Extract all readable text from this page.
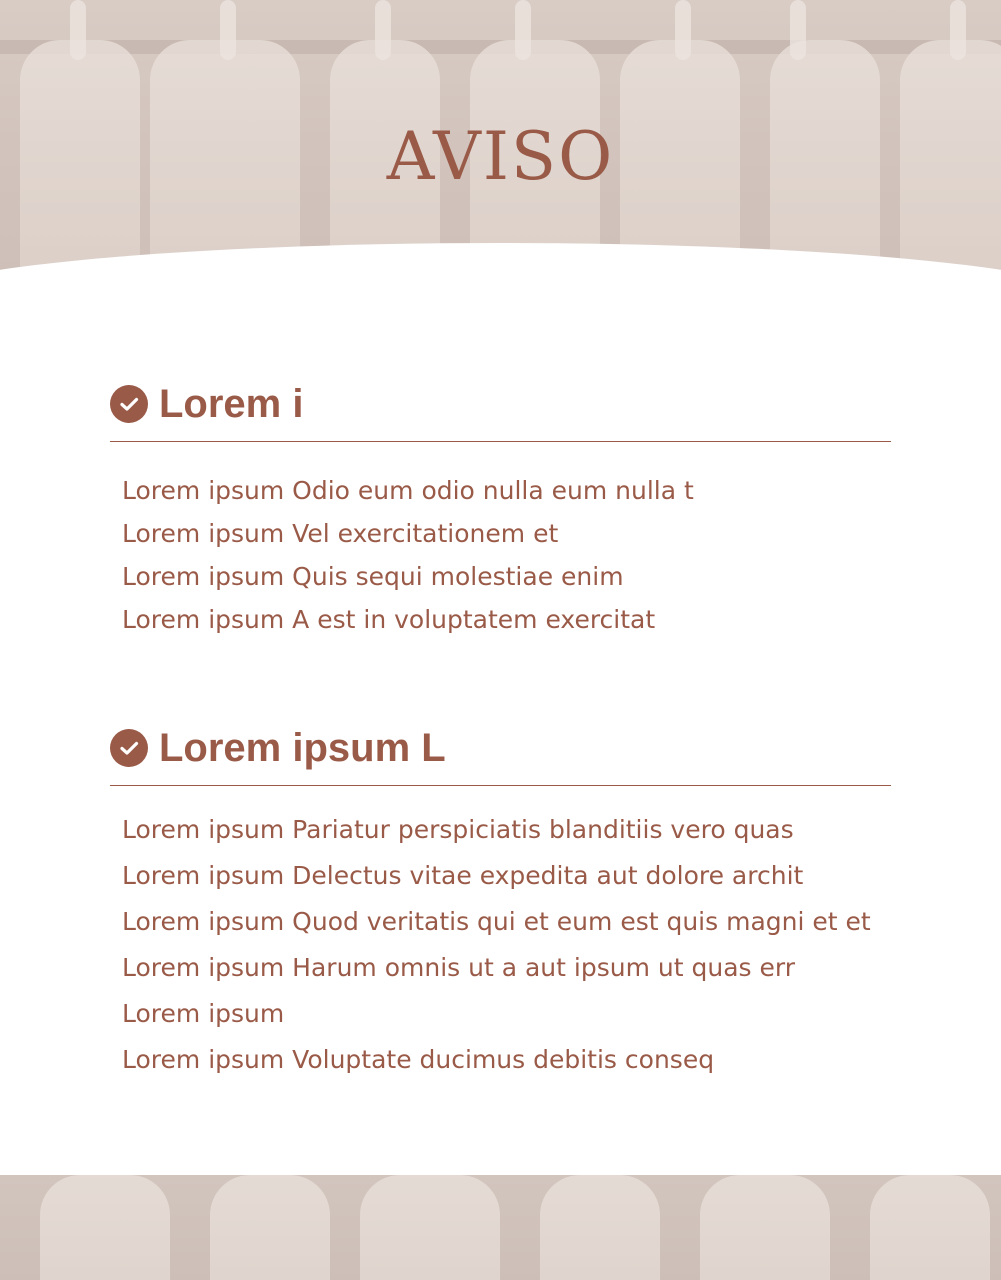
AVISO
Lorem i
Lorem ipsum Odio eum odio nulla eum nulla t
Lorem ipsum Vel exercitationem et
Lorem ipsum Quis sequi molestiae enim
Lorem ipsum A est in voluptatem exercitat
Lorem ipsum L
Lorem ipsum Pariatur perspiciatis blanditiis vero quas
Lorem ipsum Delectus vitae expedita aut dolore archit
Lorem ipsum Quod veritatis qui et eum est quis magni et et
Lorem ipsum Harum omnis ut a aut ipsum ut quas err
Lorem ipsum
Lorem ipsum Voluptate ducimus debitis conseq
